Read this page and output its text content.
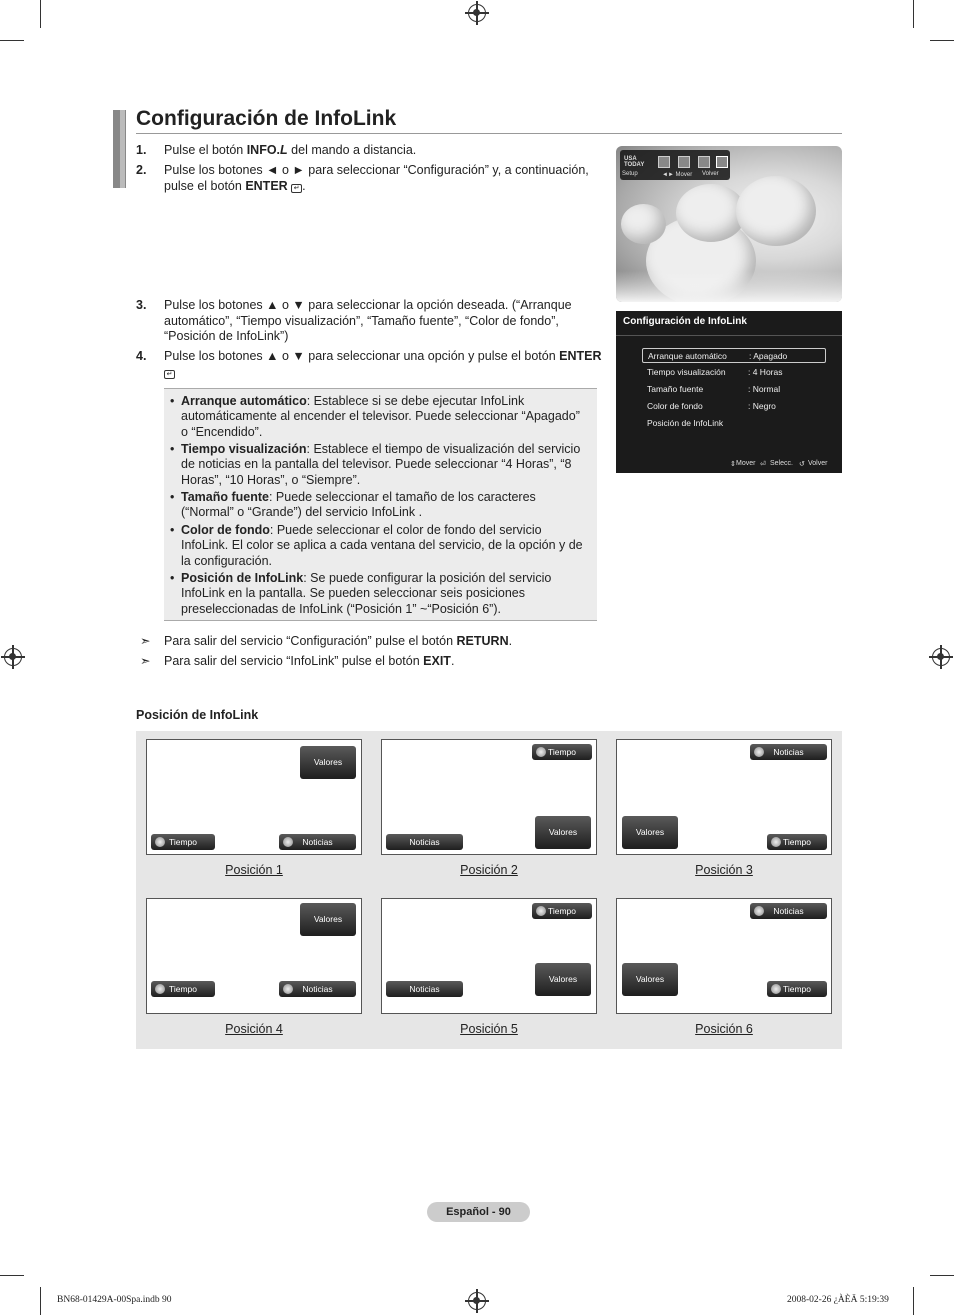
Configuración de InfoLink
1. Pulse el botón INFO.L del mando a distancia.
2. Pulse los botones ◄ o ► para seleccionar “Configuración” y, a continuación, pulse el botón ENTER ↵ .
3. Pulse los botones ▲ o ▼ para seleccionar la opción deseada. (“Arranque automático”, “Tiempo visualización”, “Tamaño fuente”, “Color de fondo”, “Posición de InfoLink”)
4. Pulse los botones ▲ o ▼ para seleccionar una opción y pulse el botón ENTER ↵
USA TODAY
Setup	◄► Mover Volver
Configuración de InfoLink
Arranque automático	: Apagado
Tiempo visualización	: 4 Horas
Tamaño fuente	: Normal
Color de fondo	: Negro
Posición de InfoLink
⇕ Mover ⏎ Selecc. ↺ Volver
• Arranque automático: Establece si se debe ejecutar InfoLink automáticamente al encender el televisor. Puede seleccionar “Apagado” o “Encendido”.
• Tiempo visualización: Establece el tiempo de visualización del servicio de noticias en la pantalla del televisor. Puede seleccionar “4 Horas”, “8 Horas”, “10 Horas”, o “Siempre”.
• Tamaño fuente: Puede seleccionar el tamaño de los caracteres (“Normal” o “Grande”) del servicio InfoLink .
• Color de fondo: Puede seleccionar el color de fondo del servicio InfoLink. El color se aplica a cada ventana del servicio, de la opción y de la configuración.
• Posición de InfoLink: Se puede configurar la posición del servicio InfoLink en la pantalla. Se pueden seleccionar seis posiciones preseleccionadas de InfoLink (“Posición 1” ~“Posición 6”).
➣ Para salir del servicio “Configuración” pulse el botón RETURN.
➣ Para salir del servicio “InfoLink” pulse el botón EXIT.
Posición de InfoLink
Valores
Tiempo	Noticias
Posición 1
Tiempo
Valores
Noticias
Posición 2
Noticias
Valores
Tiempo
Posición 3
Valores
Tiempo	Noticias
Posición 4
Tiempo
Valores
Noticias
Posición 5
Noticias
Valores
Tiempo
Posición 6
Español - 90
BN68-01429A-00Spa.indb 90	2008-02-26 ¿ÀÈÄ 5:19:39
